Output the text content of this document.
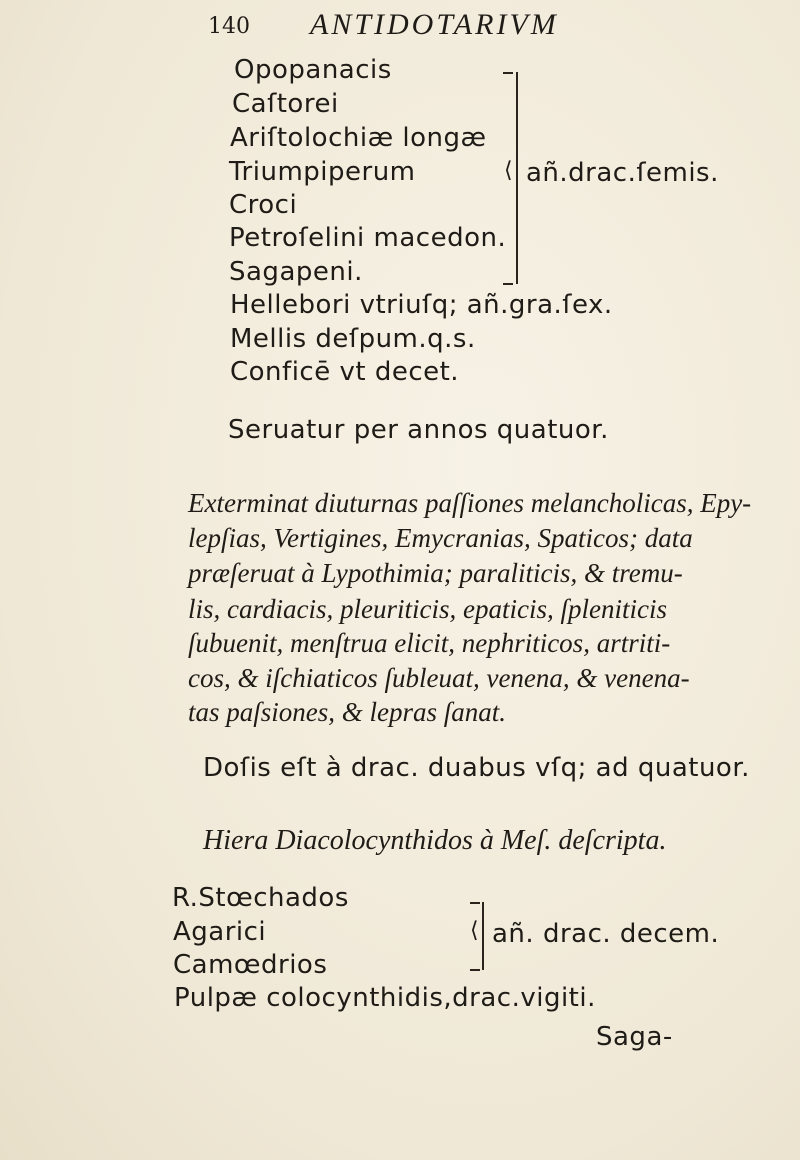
140 ANTIDOTARIVM
Opopanacis
Caſtorei
Ariſtolochiæ longæ
Triumpiperum
Croci
Petroſelini macedon.
Sagapeni.
⟨ añ.drac.ſemis.
Hellebori vtriuſq; añ.gra.ſex.
Mellis deſpum.q.s.
Conficē vt decet.
Seruatur per annos quatuor.
Exterminat diuturnas paſſiones melancholicas, Epy-
lepſias, Vertigines, Emycranias, Spaticos; data
præſeruat à Lypothimia; paralіticis, & tremu-
lis, cardiacis, pleuriticis, epaticis, ſpleniticis
ſubuenit, menſtrua elicit, nephriticos, artriti-
cos, & iſchiaticos ſubleuat, venena, & venena-
tas paſsiones, & lepras ſanat.
Doſis eſt à drac. duabus vſq; ad quatuor.
Hiera Diacolocynthidos à Meſ. deſcripta.
R.Stœchados
Agarici
Camœdrios
⟨ añ. drac. decem.
Pulpæ colocynthidis,drac.vigiti.
Saga-
